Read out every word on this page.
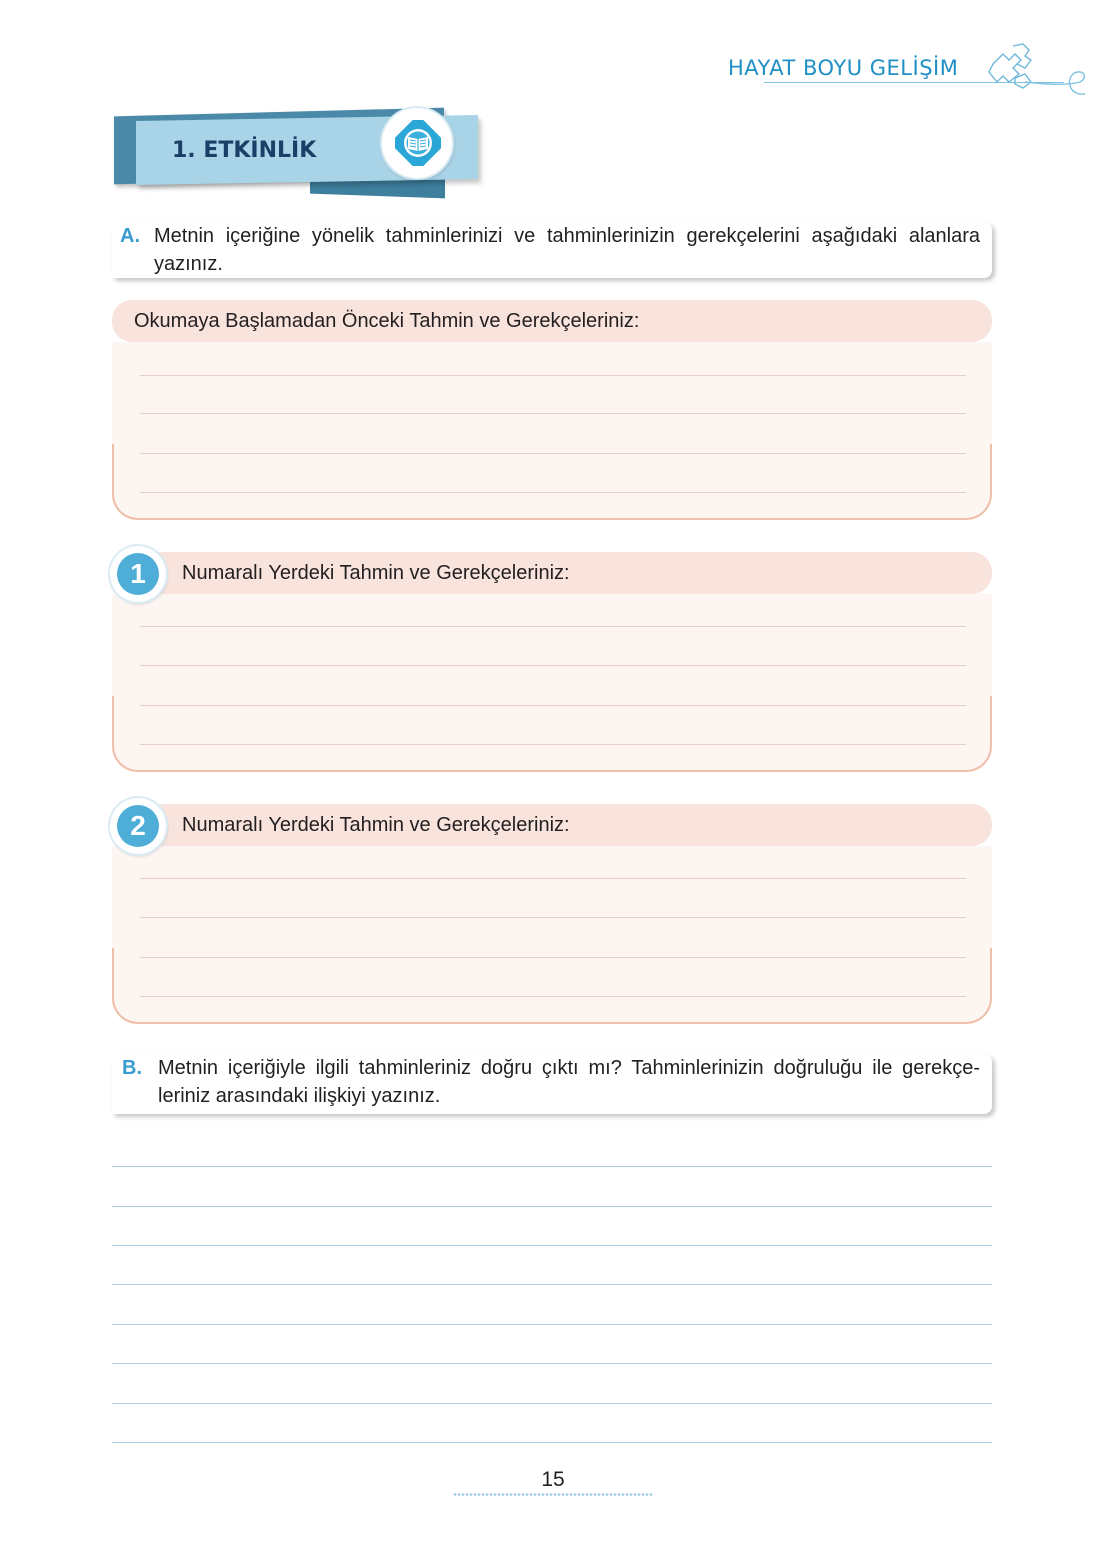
HAYAT BOYU GELİŞİM
1. ETKİNLİK
A. Metnin içeriğine yönelik tahminlerinizi ve tahminlerinizin gerekçelerini aşağıdaki alanlara yazınız.
Okumaya Başlamadan Önceki Tahmin ve Gerekçeleriniz:
1	Numaralı Yerdeki Tahmin ve Gerekçeleriniz:
2	Numaralı Yerdeki Tahmin ve Gerekçeleriniz:
B. Metnin içeriğiyle ilgili tahminleriniz doğru çıktı mı? Tahminlerinizin doğruluğu ile gerekçe-leriniz arasındaki ilişkiyi yazınız.
15
